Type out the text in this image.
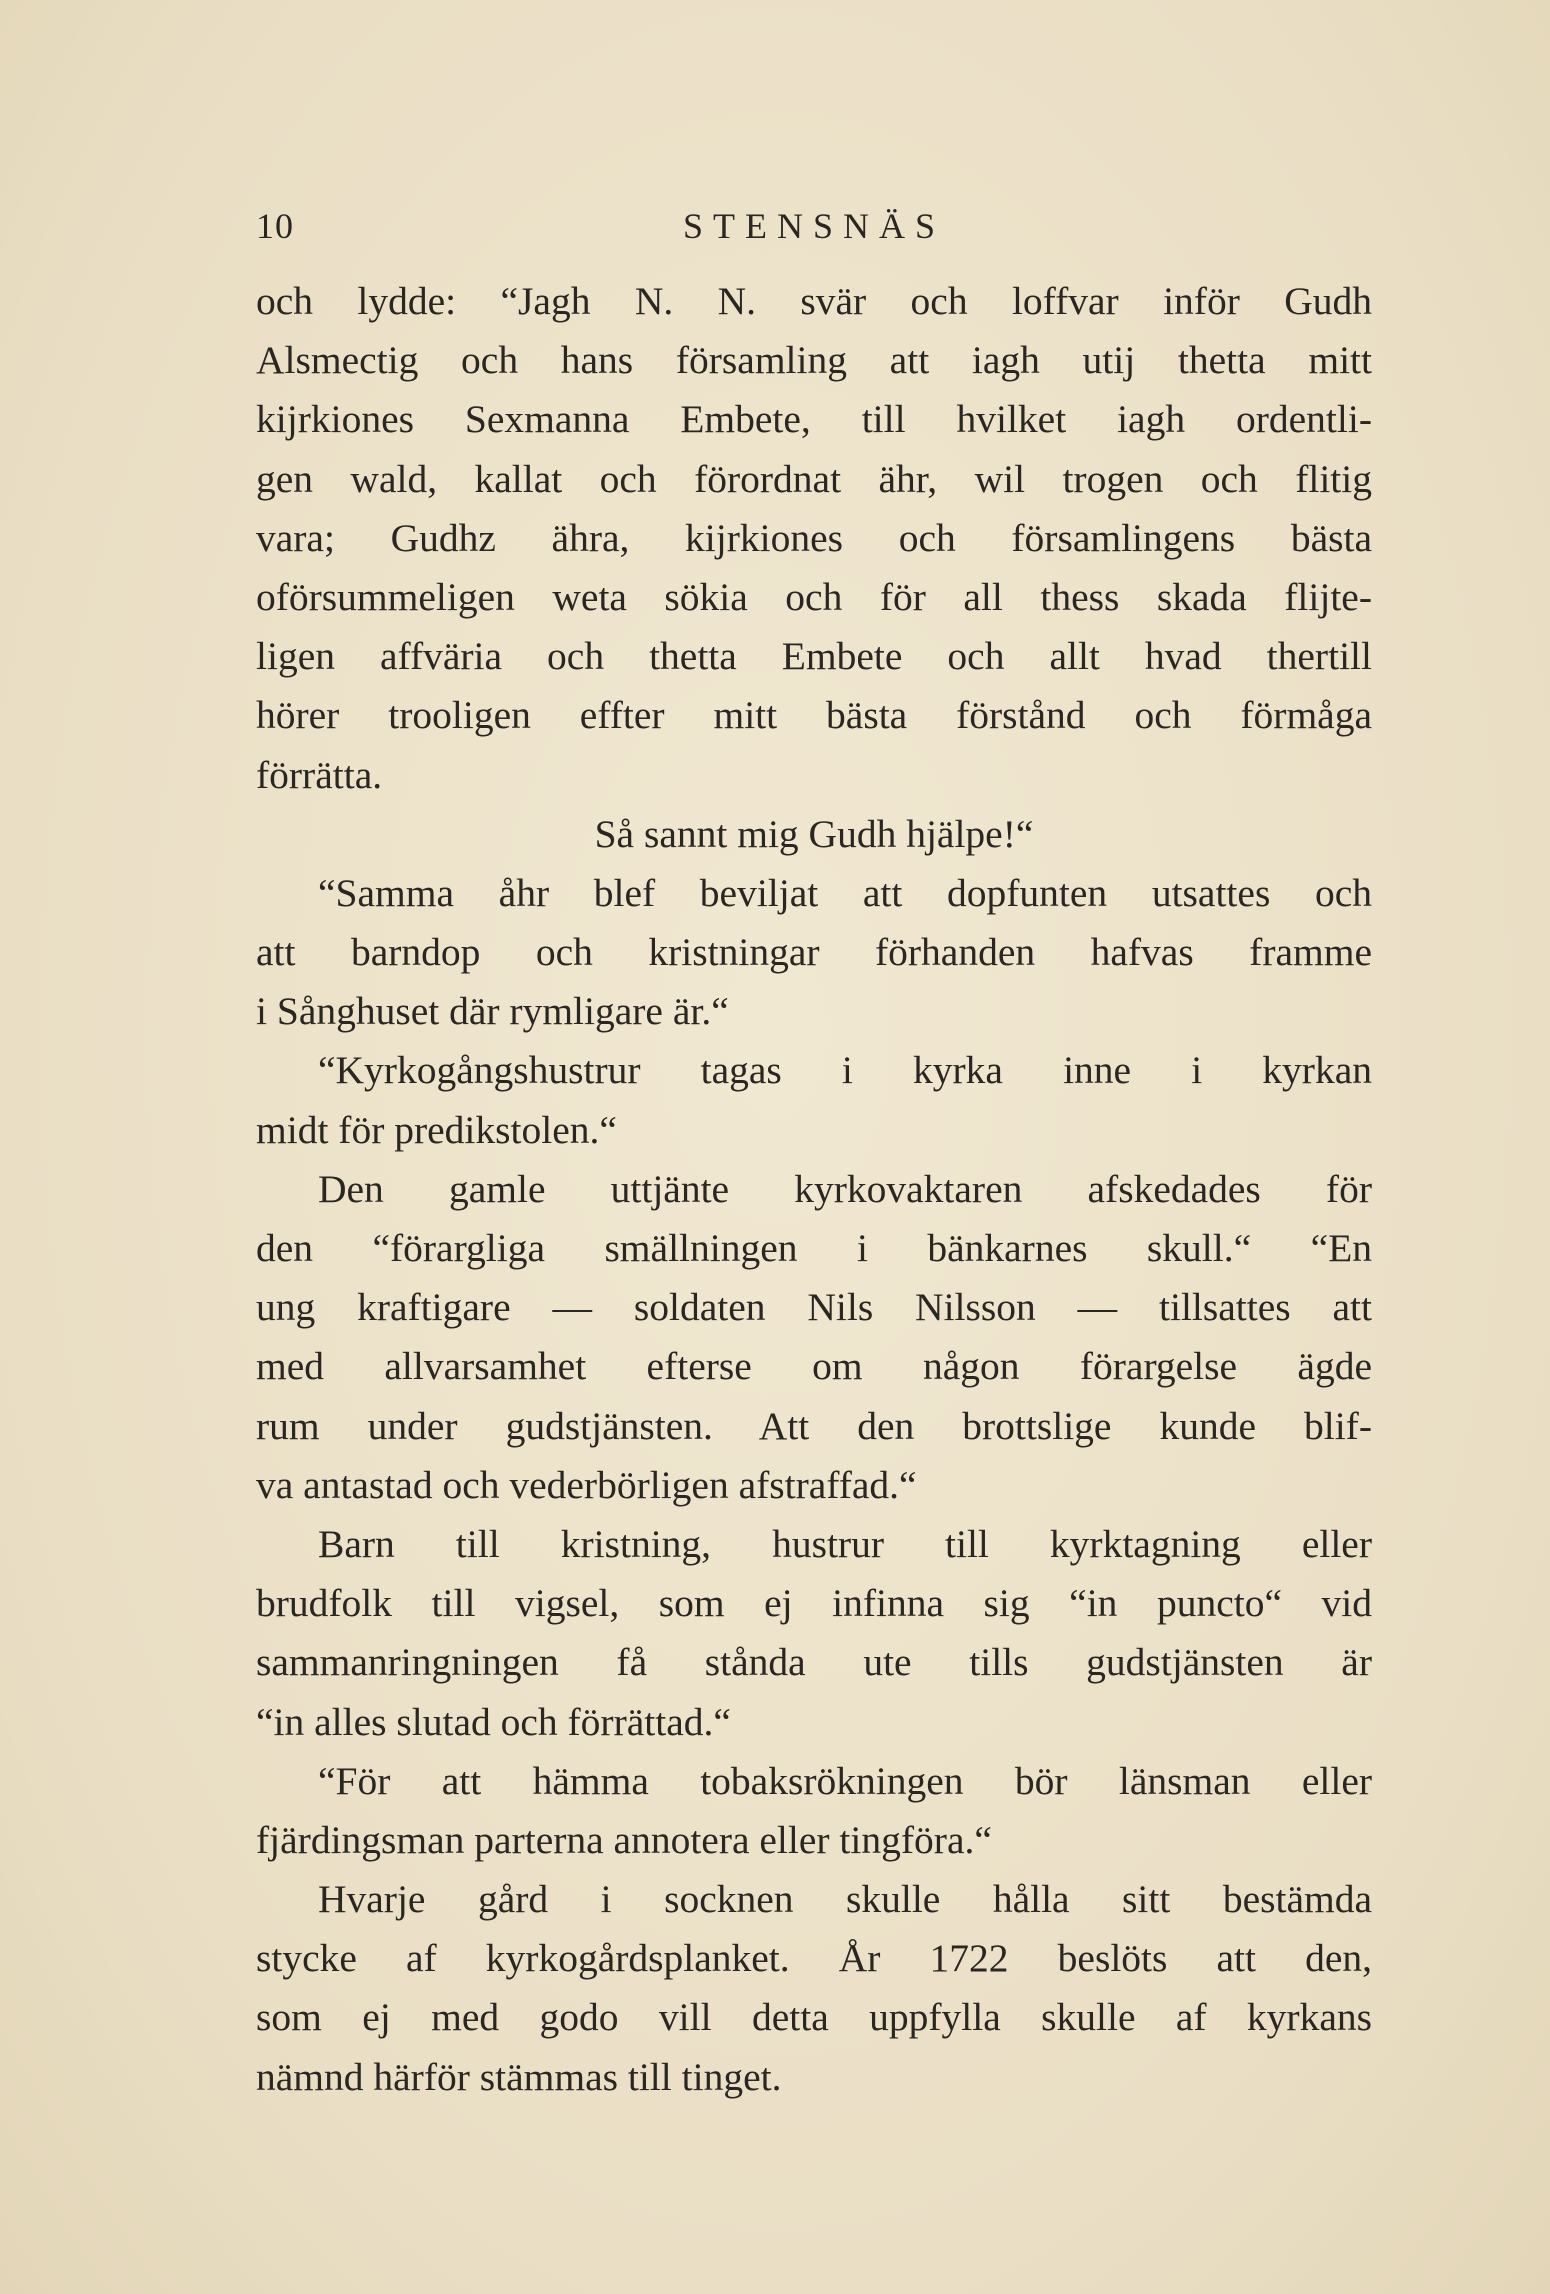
10	STENSNÄS
och lydde: “Jagh N. N. svär och loffvar inför Gudh
Alsmectig och hans församling att iagh utij thetta mitt
kiјrkiones Sexmanna Embete, till hvilket iagh ordentli-
gen wald, kallat och förordnat ähr, wil trogen och flitig
vara; Gudhz ähra, kiјrkiones och församlingens bästa
oförsummeligen weta sökia och för all thess skada flijte-
ligen affväria och thetta Embete och allt hvad thertill
hörer trooligen effter mitt bästa förstånd och förmåga
förrätta.
Så sannt mig Gudh hjälpe!“
“Samma åhr blef beviljat att dopfunten utsattes och
att barndop och kristningar förhanden hafvas framme
i Sånghuset där rymligare är.“
“Kyrkogångshustrur tagas i kyrka inne i kyrkan
midt för predikstolen.“
Den gamle uttjänte kyrkovaktaren afskedades för
den “förargliga smällningen i bänkarnes skull.“ “En
ung kraftigare — soldaten Nils Nilsson — tillsattes att
med allvarsamhet efterse om någon förargelse ägde
rum under gudstjänsten. Att den brottslige kunde blif-
va antastad och vederbörligen afstraffad.“
Barn till kristning, hustrur till kyrktagning eller
brudfolk till vigsel, som ej infinna sig “in puncto“ vid
sammanringningen få stånda ute tills gudstjänsten är
“in alles slutad och förrättad.“
“För att hämma tobaksrökningen bör länsman eller
fjärdingsman parterna annotera eller tingföra.“
Hvarje gård i socknen skulle hålla sitt bestämda
stycke af kyrkogårdsplanket. År 1722 beslöts att den,
som ej med godo vill detta uppfylla skulle af kyrkans
nämnd härför stämmas till tinget.
